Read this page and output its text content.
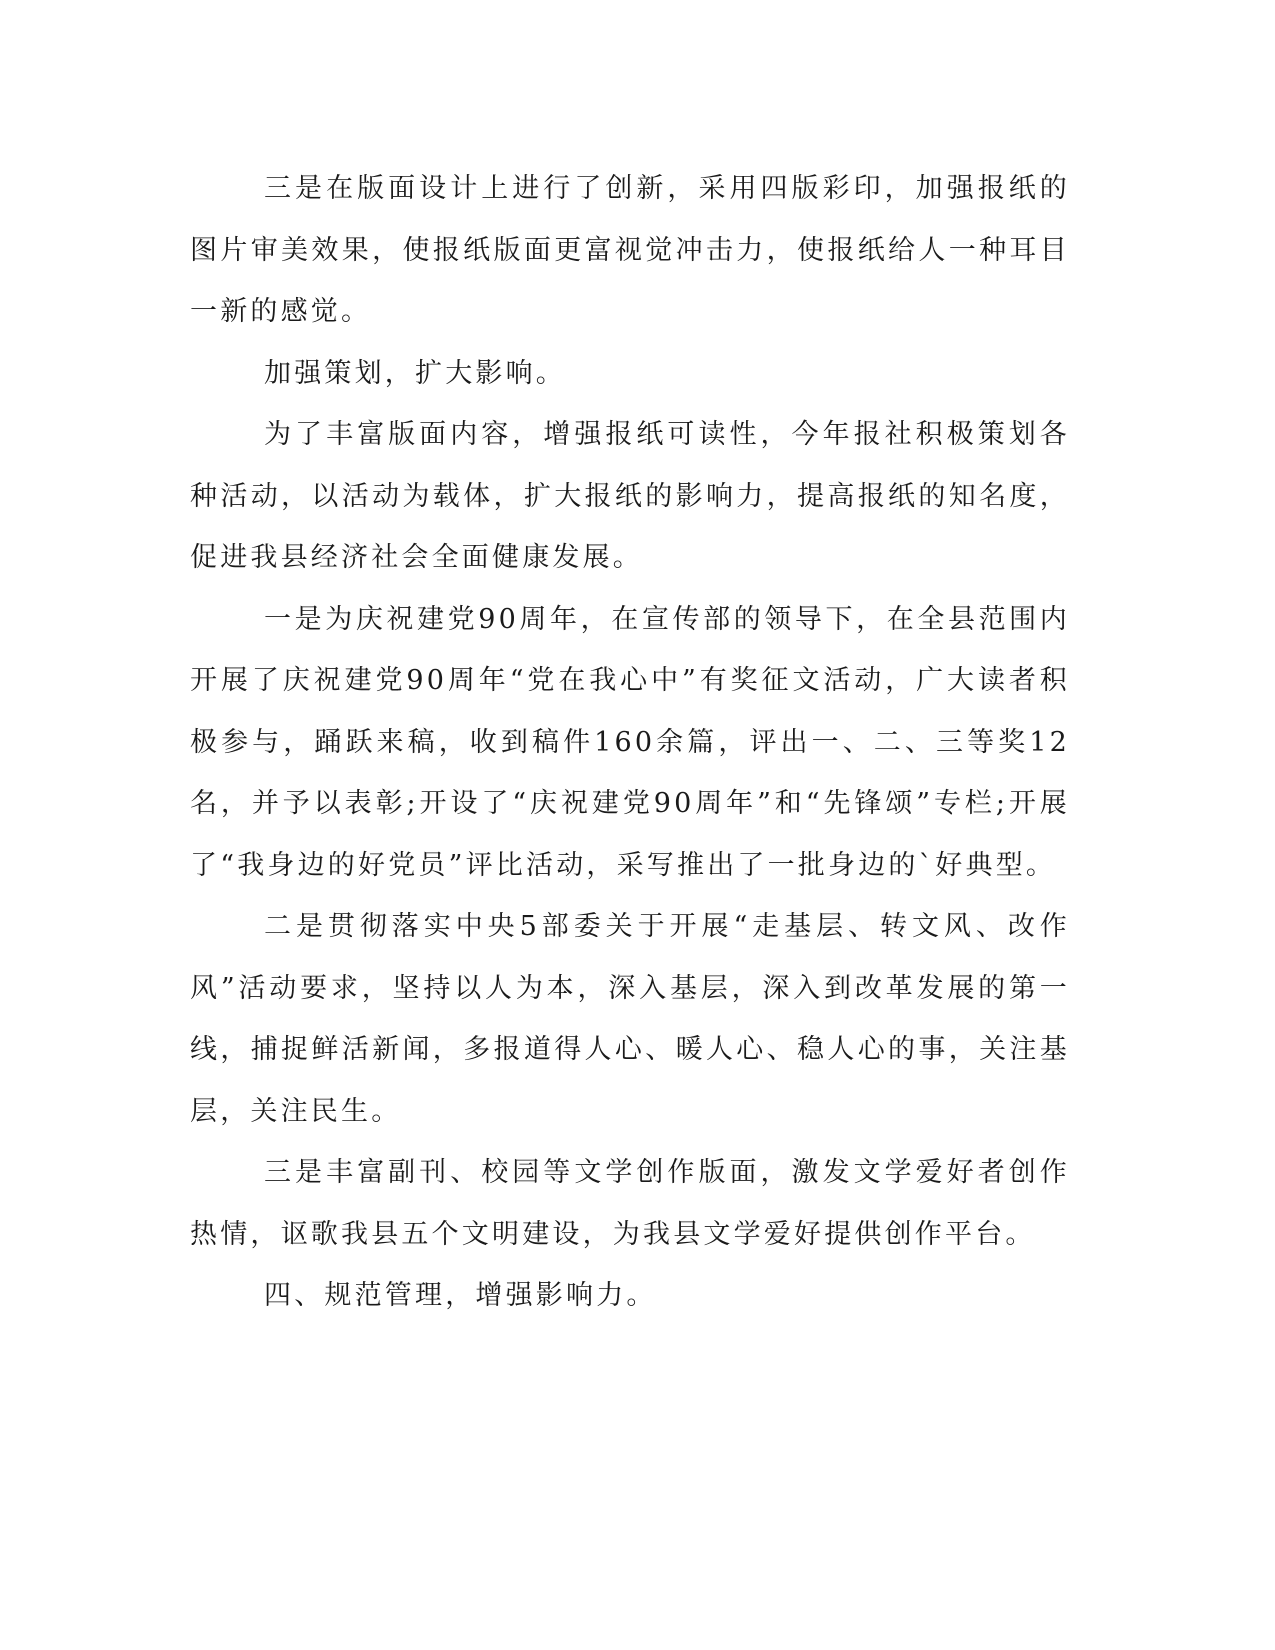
三是在版面设计上进行了创新，采用四版彩印，加强报纸的图片审美效果，使报纸版面更富视觉冲击力，使报纸给人一种耳目一新的感觉。

加强策划，扩大影响。

为了丰富版面内容，增强报纸可读性，今年报社积极策划各种活动，以活动为载体，扩大报纸的影响力，提高报纸的知名度，促进我县经济社会全面健康发展。

一是为庆祝建党90周年，在宣传部的领导下，在全县范围内开展了庆祝建党90周年“党在我心中”有奖征文活动，广大读者积极参与，踊跃来稿，收到稿件160余篇，评出一、二、三等奖12名，并予以表彰;开设了“庆祝建党90周年”和“先锋颂”专栏;开展了“我身边的好党员”评比活动，采写推出了一批身边的`好典型。

二是贯彻落实中央5部委关于开展“走基层、转文风、改作风”活动要求，坚持以人为本，深入基层，深入到改革发展的第一线，捕捉鲜活新闻，多报道得人心、暖人心、稳人心的事，关注基层，关注民生。

三是丰富副刊、校园等文学创作版面，激发文学爱好者创作热情，讴歌我县五个文明建设，为我县文学爱好提供创作平台。

四、规范管理，增强影响力。
